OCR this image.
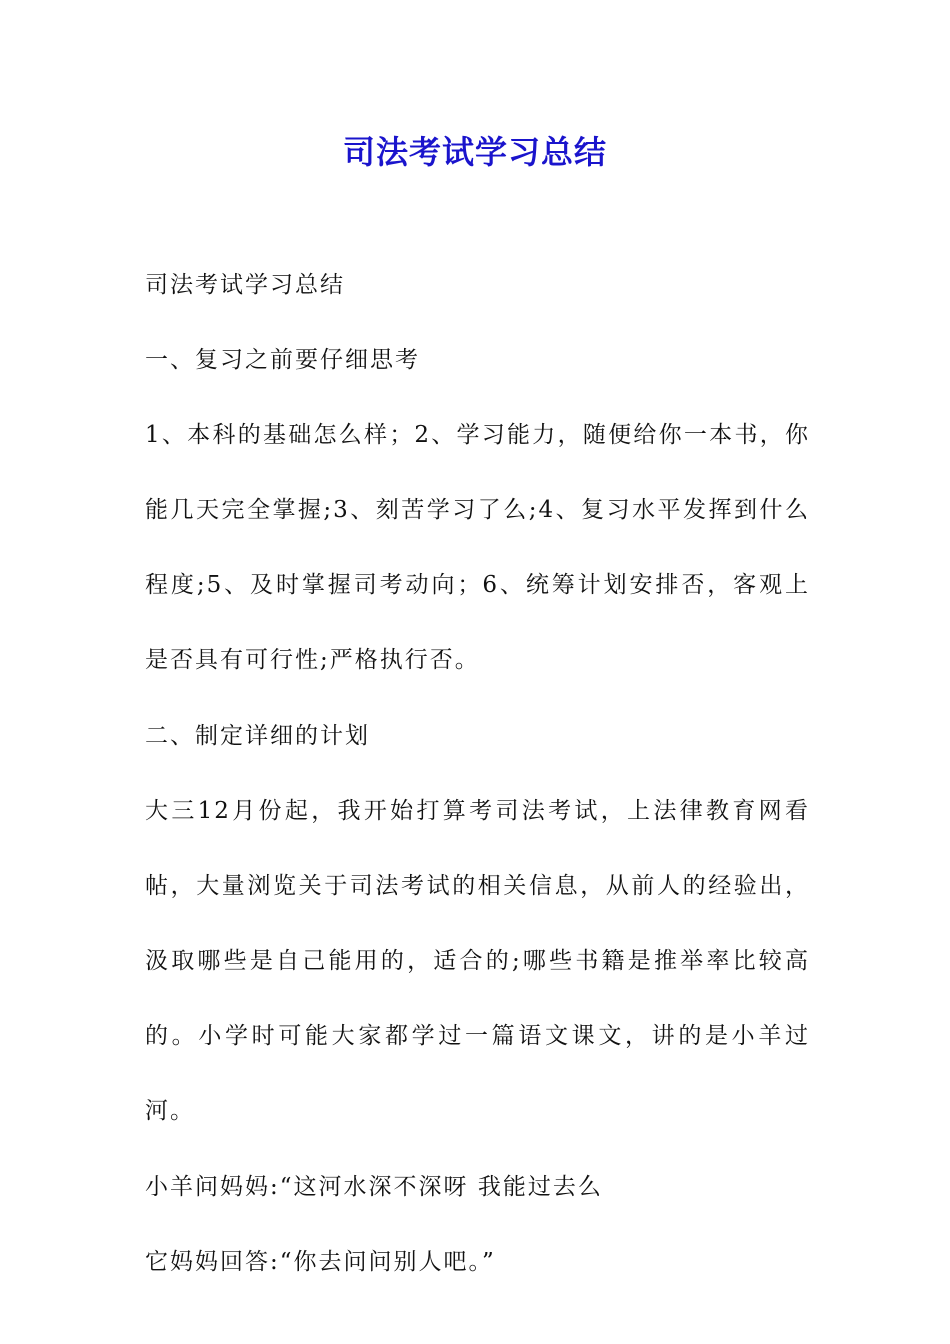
司法考试学习总结

司法考试学习总结

一、复习之前要仔细思考

1、本科的基础怎么样；2、学习能力，随便给你一本书，你能几天完全掌握;3、刻苦学习了么;4、复习水平发挥到什么程度;5、及时掌握司考动向；6、统筹计划安排否，客观上是否具有可行性;严格执行否。

二、制定详细的计划

大三12月份起，我开始打算考司法考试，上法律教育网看帖，大量浏览关于司法考试的相关信息，从前人的经验出，汲取哪些是自己能用的，适合的;哪些书籍是推举率比较高的。小学时可能大家都学过一篇语文课文，讲的是小羊过河。

小羊问妈妈:“这河水深不深呀 我能过去么

它妈妈回答:“你去问问别人吧。”
